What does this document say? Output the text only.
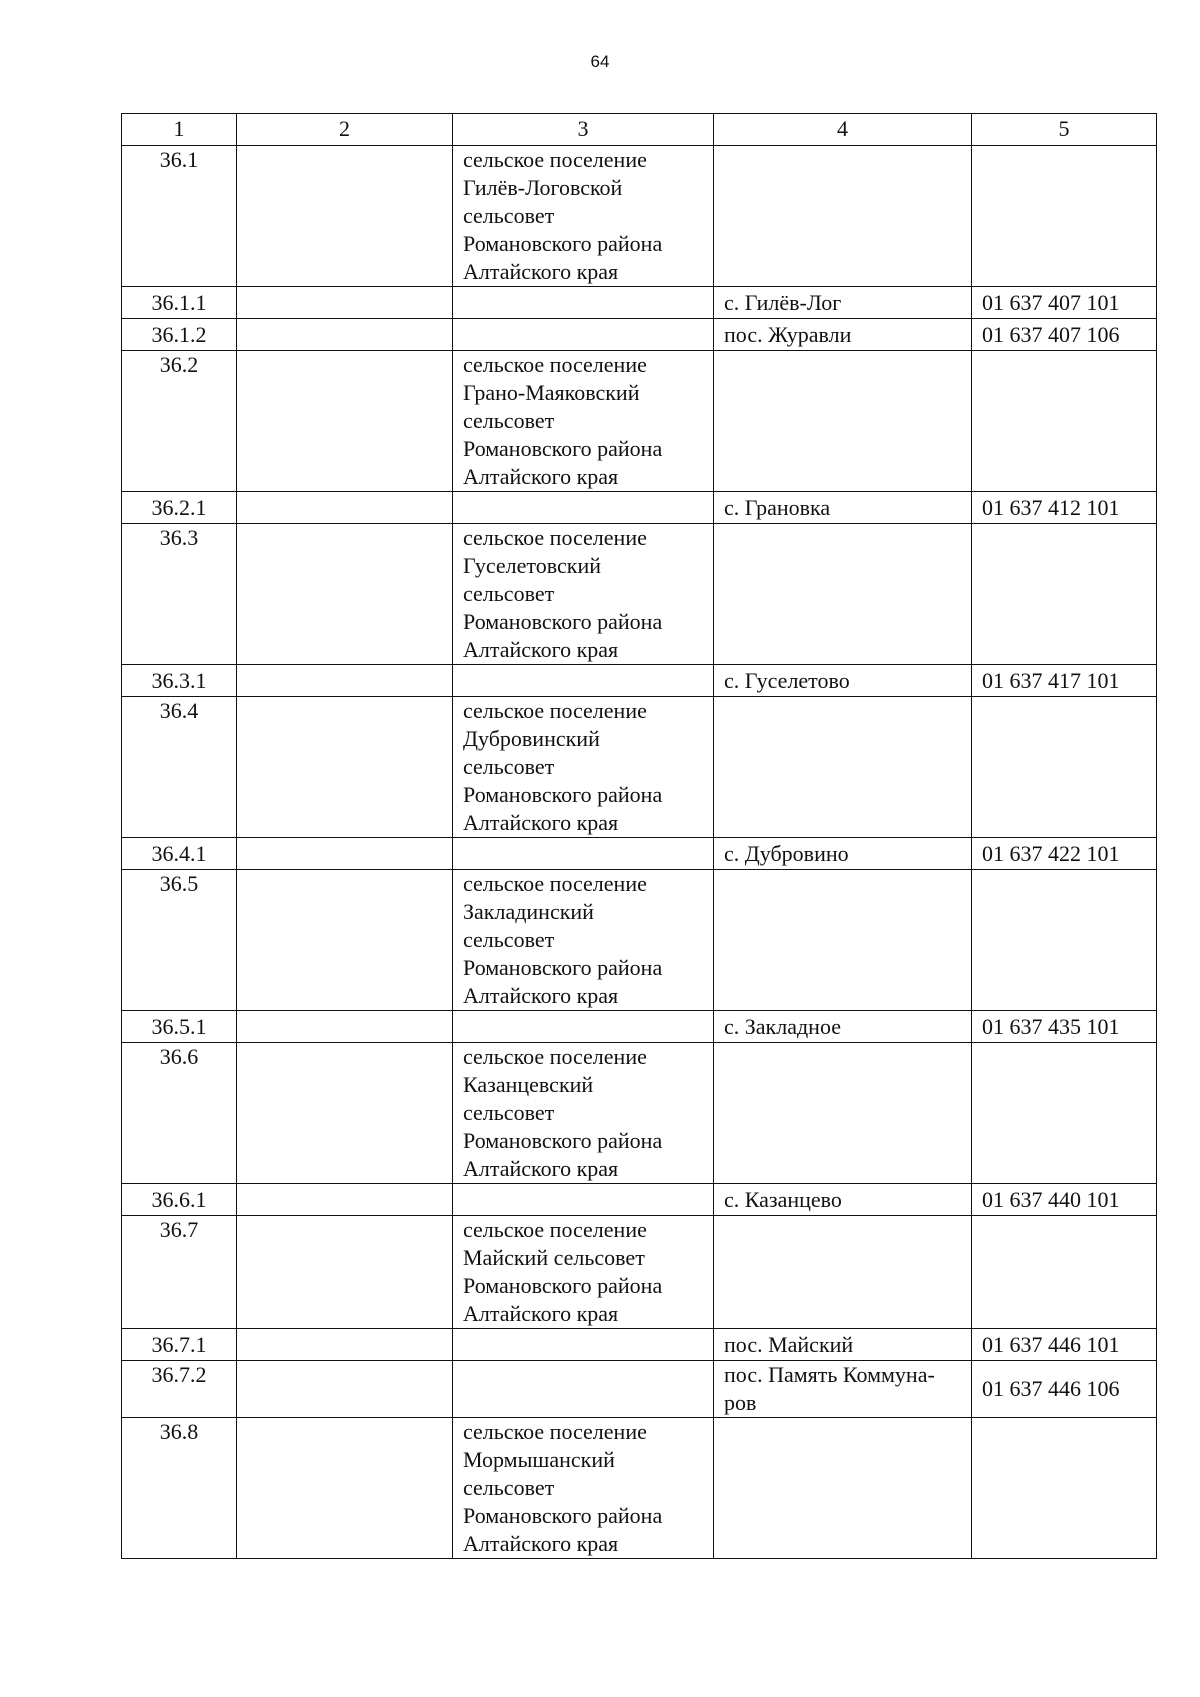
64
1	2	3	4	5

36.1		сельское поселение
Гилёв-Логовской
сельсовет
Романовского района
Алтайского края		

36.1.1			с. Гилёв-Лог	01 637 407 101

36.1.2			пос. Журавли	01 637 407 106

36.2		сельское поселение
Грано-Маяковский
сельсовет
Романовского района
Алтайского края		

36.2.1			с. Грановка	01 637 412 101

36.3		сельское поселение
Гуселетовский
сельсовет
Романовского района
Алтайского края		

36.3.1			с. Гуселетово	01 637 417 101

36.4		сельское поселение
Дубровинский
сельсовет
Романовского района
Алтайского края		

36.4.1			с. Дубровино	01 637 422 101

36.5		сельское поселение
Закладинский
сельсовет
Романовского района
Алтайского края		

36.5.1			с. Закладное	01 637 435 101

36.6		сельское поселение
Казанцевский
сельсовет
Романовского района
Алтайского края		

36.6.1			с. Казанцево	01 637 440 101

36.7		сельское поселение
Майский сельсовет
Романовского района
Алтайского края		

36.7.1			пос. Майский	01 637 446 101

36.7.2			пос. Память Коммуна-
ров	01 637 446 106

36.8		сельское поселение
Мормышанский
сельсовет
Романовского района
Алтайского края		
